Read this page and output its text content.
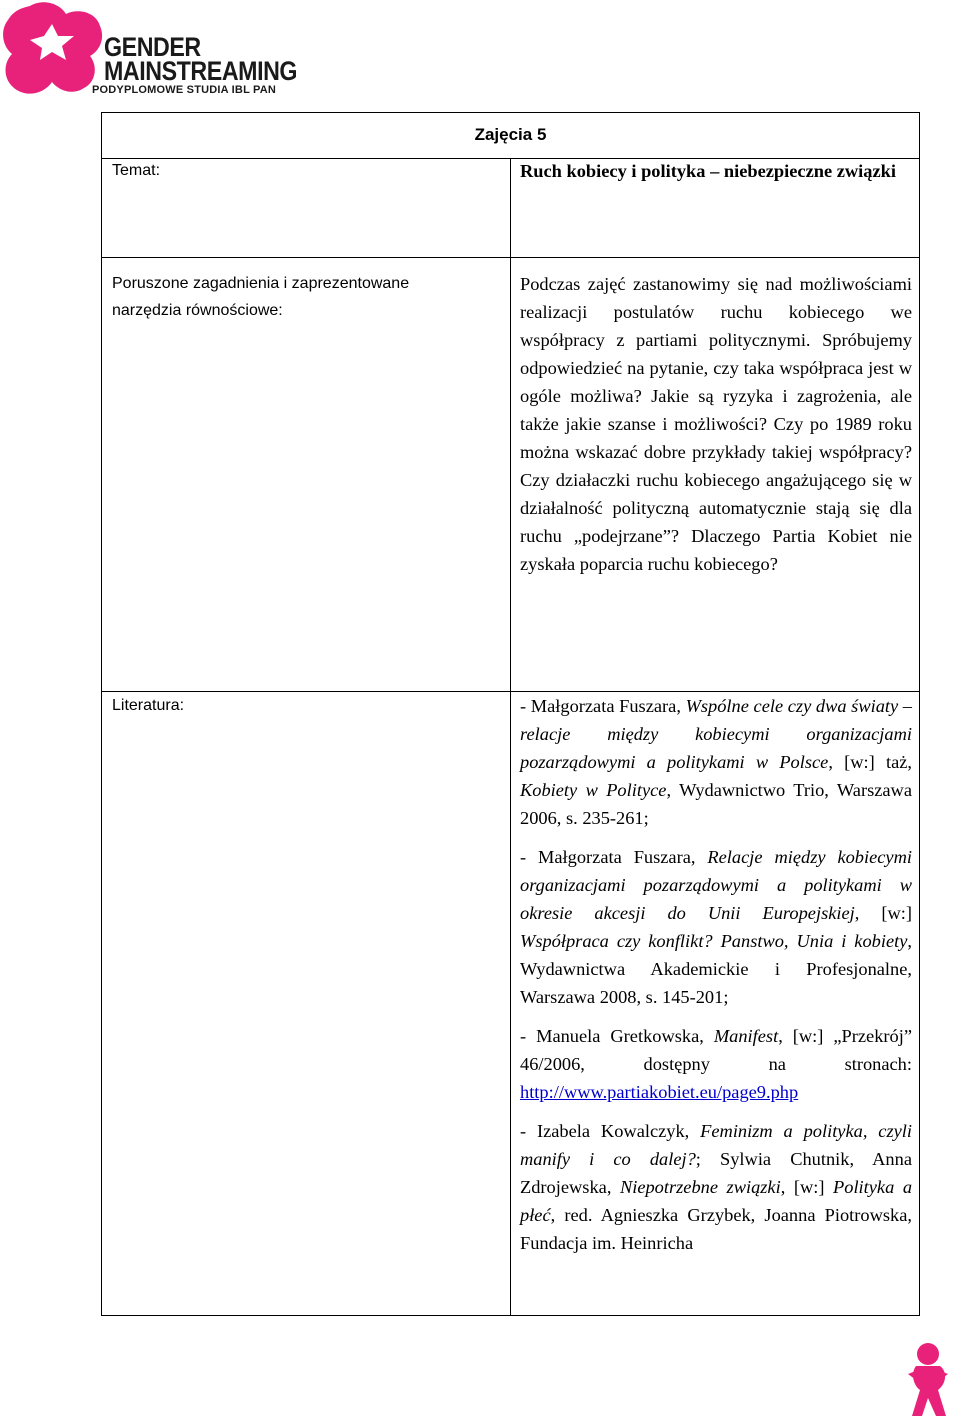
GENDER
MAINSTREAMING
PODYPLOMOWE STUDIA IBL PAN
Zajęcia 5
Temat:	Ruch kobiecy i polityka – niebezpieczne związki
Poruszone zagadnienia i zaprezentowane narzędzia równościowe:
Podczas zajęć zastanowimy się nad możliwościami realizacji postulatów ruchu kobiecego we współpracy z partiami politycznymi. Spróbujemy odpowiedzieć na pytanie, czy taka współpraca jest w ogóle możliwa? Jakie są ryzyka i zagrożenia, ale także jakie szanse i możliwości? Czy po 1989 roku można wskazać dobre przykłady takiej współpracy? Czy działaczki ruchu kobiecego angażującego się w działalność polityczną automatycznie stają się dla ruchu „podejrzane”? Dlaczego Partia Kobiet nie zyskała poparcia ruchu kobiecego?
Literatura:	- Małgorzata Fuszara, Wspólne cele czy dwa światy – relacje między kobiecymi organizacjami pozarządowymi a politykami w Polsce, [w:] taż, Kobiety w Polityce, Wydawnictwo Trio, Warszawa 2006, s. 235-261;

- Małgorzata Fuszara, Relacje między kobiecymi organizacjami pozarządowymi a politykami w okresie akcesji do Unii Europejskiej, [w:] Współpraca czy konflikt? Panstwo, Unia i kobiety, Wydawnictwa Akademickie i Profesjonalne, Warszawa 2008, s. 145-201;

- Manuela Gretkowska, Manifest, [w:] „Przekrój” 46/2006, dostępny na stronach: http://www.partiakobiet.eu/page9.php

- Izabela Kowalczyk, Feminizm a polityka, czyli manify i co dalej?; Sylwia Chutnik, Anna Zdrojewska, Niepotrzebne związki, [w:] Polityka a płeć, red. Agnieszka Grzybek, Joanna Piotrowska, Fundacja im. Heinricha
